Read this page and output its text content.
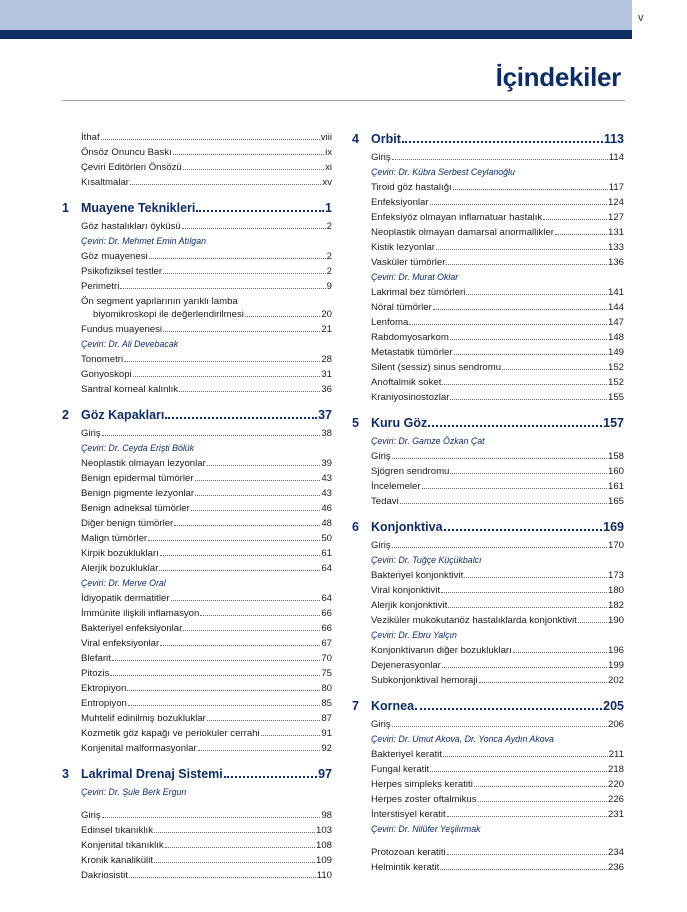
v
İçindekiler
İthaf	viii
Önsöz Onuncu Baskı	ix
Çeviri Editörleri Önsözü	xi
Kısaltmalar	xv
1 Muayene Teknikleri	1
Göz hastalıkları öyküsü	2
Çeviri: Dr. Mehmet Emin Atılgan
Göz muayenesi	2
Psikofiziksel testler	2
Perimetri	9
Ön segment yapılarının yarıklı lamba
biyomikroskopi ile değerlendirilmesi	20
Fundus muayenesi	21
Çeviri: Dr. Ali Devebacak
Tonometri	28
Gonyoskopi	31
Santral korneal kalınlık	36
2 Göz Kapakları	37
Giriş	38
Çeviri: Dr. Ceyda Erişti Bölük
Neoplastik olmayan lezyonlar	39
Benign epidermal tümörler	43
Benign pigmente lezyonlar	43
Benign adneksal tümörler	46
Diğer benign tümörler	48
Malign tümörler	50
Kirpik bozuklukları	61
Alerjik bozukluklar	64
Çeviri: Dr. Merve Oral
İdiyopatik dermatitler	64
İmmünite ilişkili inflamasyon	66
Bakteriyel enfeksiyonlar	66
Viral enfeksiyonlar	67
Blefarit	70
Pitozis	75
Ektropiyon	80
Entropiyon	85
Muhtelif edinilmiş bozukluklar	87
Kozmetik göz kapağı ve periokuler cerrahi	91
Konjenital malformasyonlar	92
3 Lakrimal Drenaj Sistemi	97
Çeviri: Dr. Şule Berk Ergun
Giriş	98
Edinsel tıkanıklık	103
Konjenital tıkanıklık	108
Kronik kanalikülit	109
Dakriosistit	110
4 Orbit	113
Giriş	114
Çeviri: Dr. Kübra Serbest Ceylanoğlu
Tiroid göz hastalığı	117
Enfeksiyonlar	124
Enfeksiyöz olmayan inflamatuar hastalık	127
Neoplastik olmayan damarsal anormallikler	131
Kistik lezyonlar	133
Vasküler tümörler	136
Çeviri: Dr. Murat Oklar
Lakrimal bez tümörleri	141
Nöral tümörler	144
Lenfoma	147
Rabdomyosarkom	148
Metastatik tümörler	149
Silent (sessiz) sinus sendromu	152
Anoftalmik soket	152
Kraniyosinostozlar	155
5 Kuru Göz	157
Çeviri: Dr. Gamze Özkan Çat
Giriş	158
Sjögren sendromu	160
İncelemeler	161
Tedavi	165
6 Konjonktiva	169
Giriş	170
Çeviri: Dr. Tuğçe Küçükbalcı
Bakteriyel konjonktivit	173
Viral konjonktivit	180
Alerjik konjonktivit	182
Veziküler mukokutanöz hastalıklarda konjonktivit	190
Çeviri: Dr. Ebru Yalçın
Konjonktivanın diğer bozuklukları	196
Dejenerasyonlar	199
Subkonjonktival hemoraji	202
7 Kornea	205
Giriş	206
Çeviri: Dr. Umut Akova, Dr. Yonca Aydın Akova
Bakteriyel keratit	211
Fungal keratit	218
Herpes simpleks keratiti	220
Herpes zoster oftalmikus	226
İnterstisyel keratit	231
Çeviri: Dr. Nilüfer Yeşilırmak
Protozoan keratiti	234
Helmintik keratit	236
